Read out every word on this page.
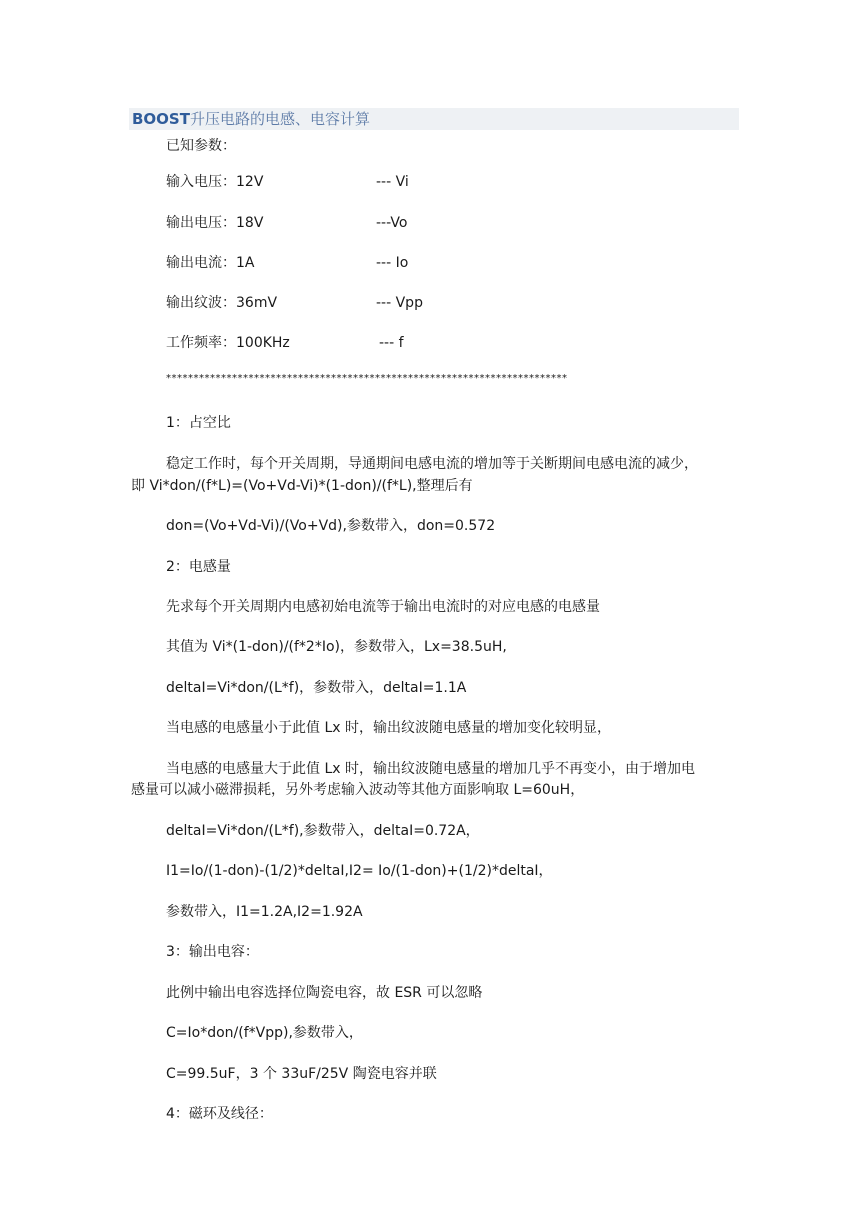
BOOST升压电路的电感、电容计算
已知参数：
输入电压：12V	--- Vi
输出电压：18V	---Vo
输出电流：1A	--- Io
输出纹波：36mV	--- Vpp
工作频率：100KHz	--- f
*************************************************************************
1：占空比
稳定工作时，每个开关周期，导通期间电感电流的增加等于关断期间电感电流的减少，
即 Vi*don/(f*L)=(Vo+Vd-Vi)*(1-don)/(f*L),整理后有
don=(Vo+Vd-Vi)/(Vo+Vd),参数带入，don=0.572
2：电感量
先求每个开关周期内电感初始电流等于输出电流时的对应电感的电感量
其值为 Vi*(1-don)/(f*2*Io)，参数带入，Lx=38.5uH,
deltaI=Vi*don/(L*f)，参数带入，deltaI=1.1A
当电感的电感量小于此值 Lx 时，输出纹波随电感量的增加变化较明显，
当电感的电感量大于此值 Lx 时，输出纹波随电感量的增加几乎不再变小，由于增加电
感量可以减小磁滞损耗，另外考虑输入波动等其他方面影响取 L=60uH，
deltaI=Vi*don/(L*f),参数带入，deltaI=0.72A，
I1=Io/(1-don)-(1/2)*deltaI,I2= Io/(1-don)+(1/2)*deltaI，
参数带入，I1=1.2A,I2=1.92A
3：输出电容：
此例中输出电容选择位陶瓷电容，故 ESR 可以忽略
C=Io*don/(f*Vpp),参数带入，
C=99.5uF，3 个 33uF/25V 陶瓷电容并联
4：磁环及线径：
